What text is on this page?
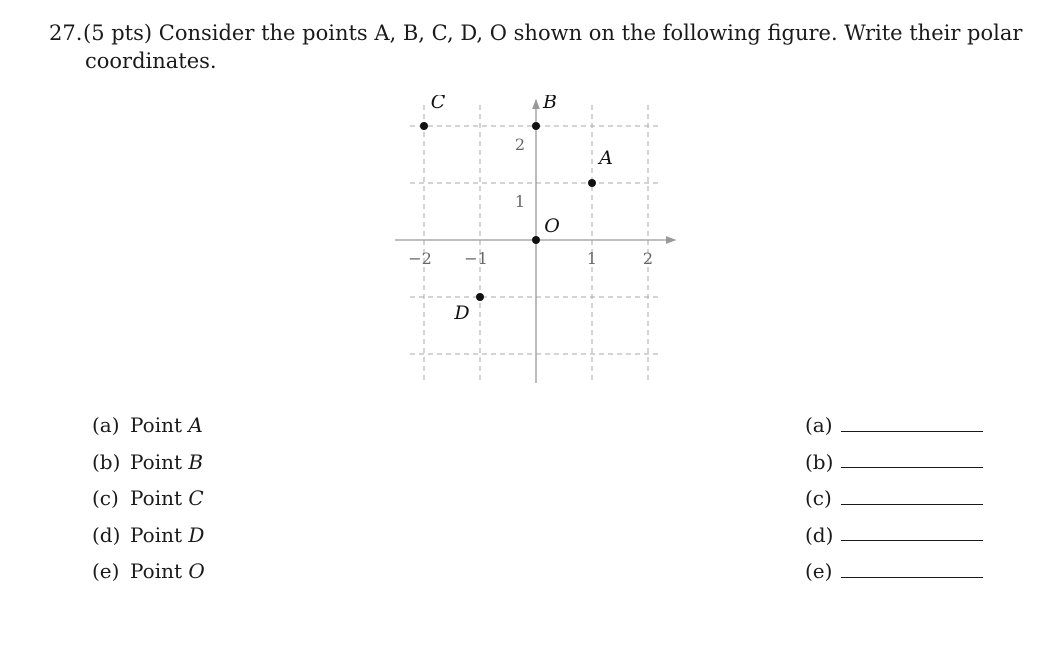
27.(5 pts) Consider the points A, B, C, D, O shown on the following figure. Write their polar
coordinates.
−2 −1	1	2
2
1
A
B
C
D
O
(a) Point A
(b) Point B
(c) Point C
(d) Point D
(e) Point O
(a)
(b)
(c)
(d)
(e)
